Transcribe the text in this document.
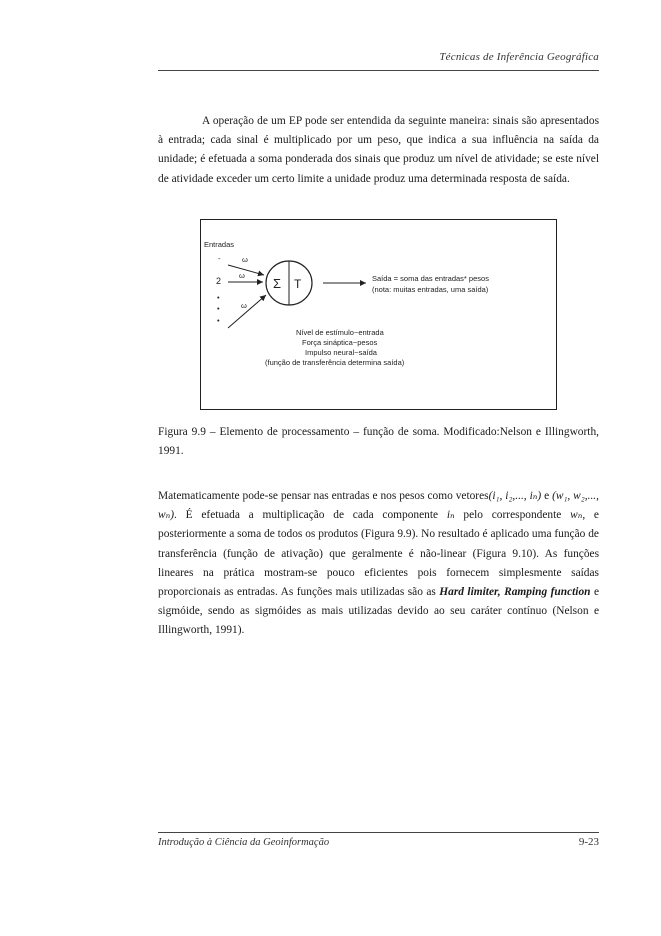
Técnicas de Inferência Geográfica

A operação de um EP pode ser entendida da seguinte maneira: sinais são apresentados à entrada; cada sinal é multiplicado por um peso, que indica a sua influência na saída da unidade; é efetuada a soma ponderada dos sinais que produz um nível de atividade; se este nível de atividade exceder um certo limite a unidade produz uma determinada resposta de saída.

Entradas
-
2
•
•
•
ω
ω
ω
Σ T	Saída = soma das entradas* pesos
(nota: muitas entradas, uma saída)
Nível de estímulo~entrada
Força sináptica~pesos
Impulso neural~saída
(função de transferência determina saída)

Figura 9.9 – Elemento de processamento – função de soma. Modificado:Nelson e Illingworth, 1991.

Matematicamente pode-se pensar nas entradas e nos pesos como vetores(i₁, i₂,..., iₙ) e (w₁, w₂,..., wₙ). É efetuada a multiplicação de cada componente iₙ pelo correspondente wₙ, e posteriormente a soma de todos os produtos (Figura 9.9). No resultado é aplicado uma função de transferência (função de ativação) que geralmente é não-linear (Figura 9.10). As funções lineares na prática mostram-se pouco eficientes pois fornecem simplesmente saídas proporcionais as entradas. As funções mais utilizadas são as Hard limiter, Ramping function e sigmóide, sendo as sigmóides as mais utilizadas devido ao seu caráter contínuo (Nelson e Illingworth, 1991).

Introdução à Ciência da Geoinformação	9-23
